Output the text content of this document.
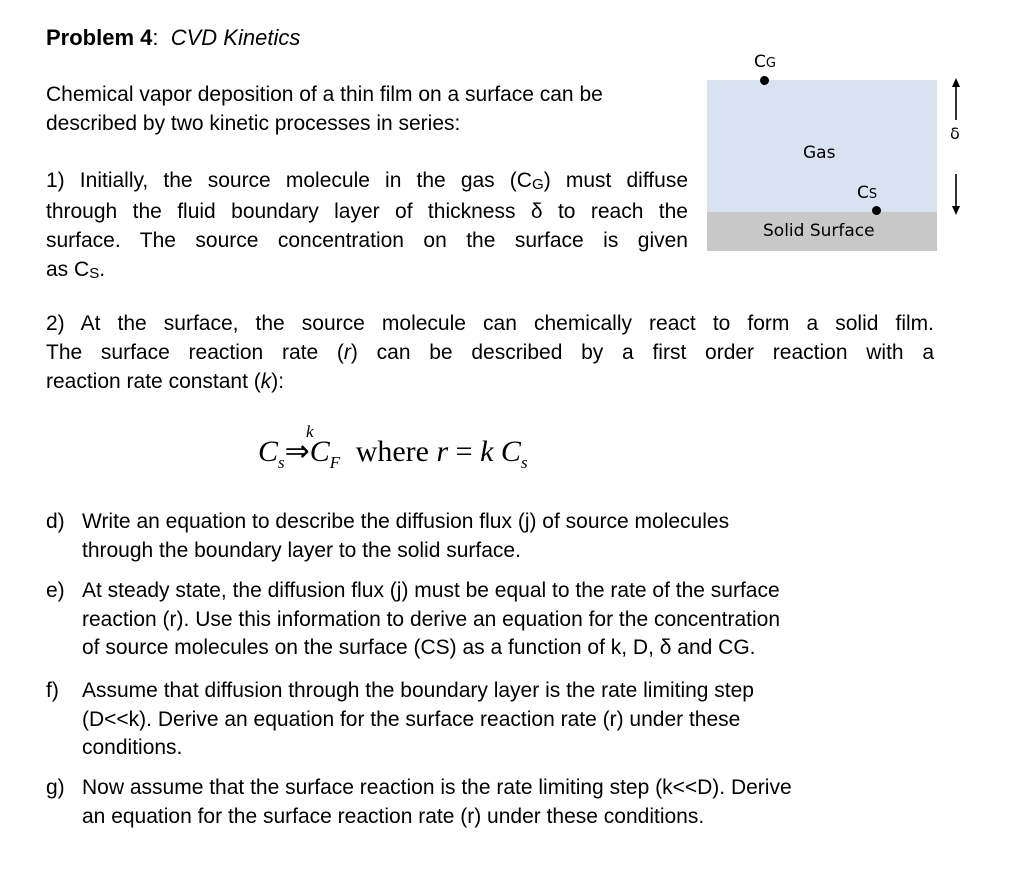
Problem 4: CVD Kinetics
Chemical vapor deposition of a thin film on a surface can be
described by two kinetic processes in series:
1) Initially, the source molecule in the gas (CG) must diffuse
through the fluid boundary layer of thickness δ to reach the
surface. The source concentration on the surface is given
as CS.
CG
Gas
CS
Solid Surface
δ
2) At the surface, the source molecule can chemically react to form a solid film.
The surface reaction rate (r) can be described by a first order reaction with a
reaction rate constant (k):
k
$C_s\Rightarrow C_F$ where r = k $C_s$
d) Write an equation to describe the diffusion flux (j) of source molecules
through the boundary layer to the solid surface.
e) At steady state, the diffusion flux (j) must be equal to the rate of the surface
reaction (r). Use this information to derive an equation for the concentration
of source molecules on the surface (CS) as a function of k, D, δ and CG.
f) Assume that diffusion through the boundary layer is the rate limiting step
(D<<k). Derive an equation for the surface reaction rate (r) under these
conditions.
g) Now assume that the surface reaction is the rate limiting step (k<<D). Derive
an equation for the surface reaction rate (r) under these conditions.
